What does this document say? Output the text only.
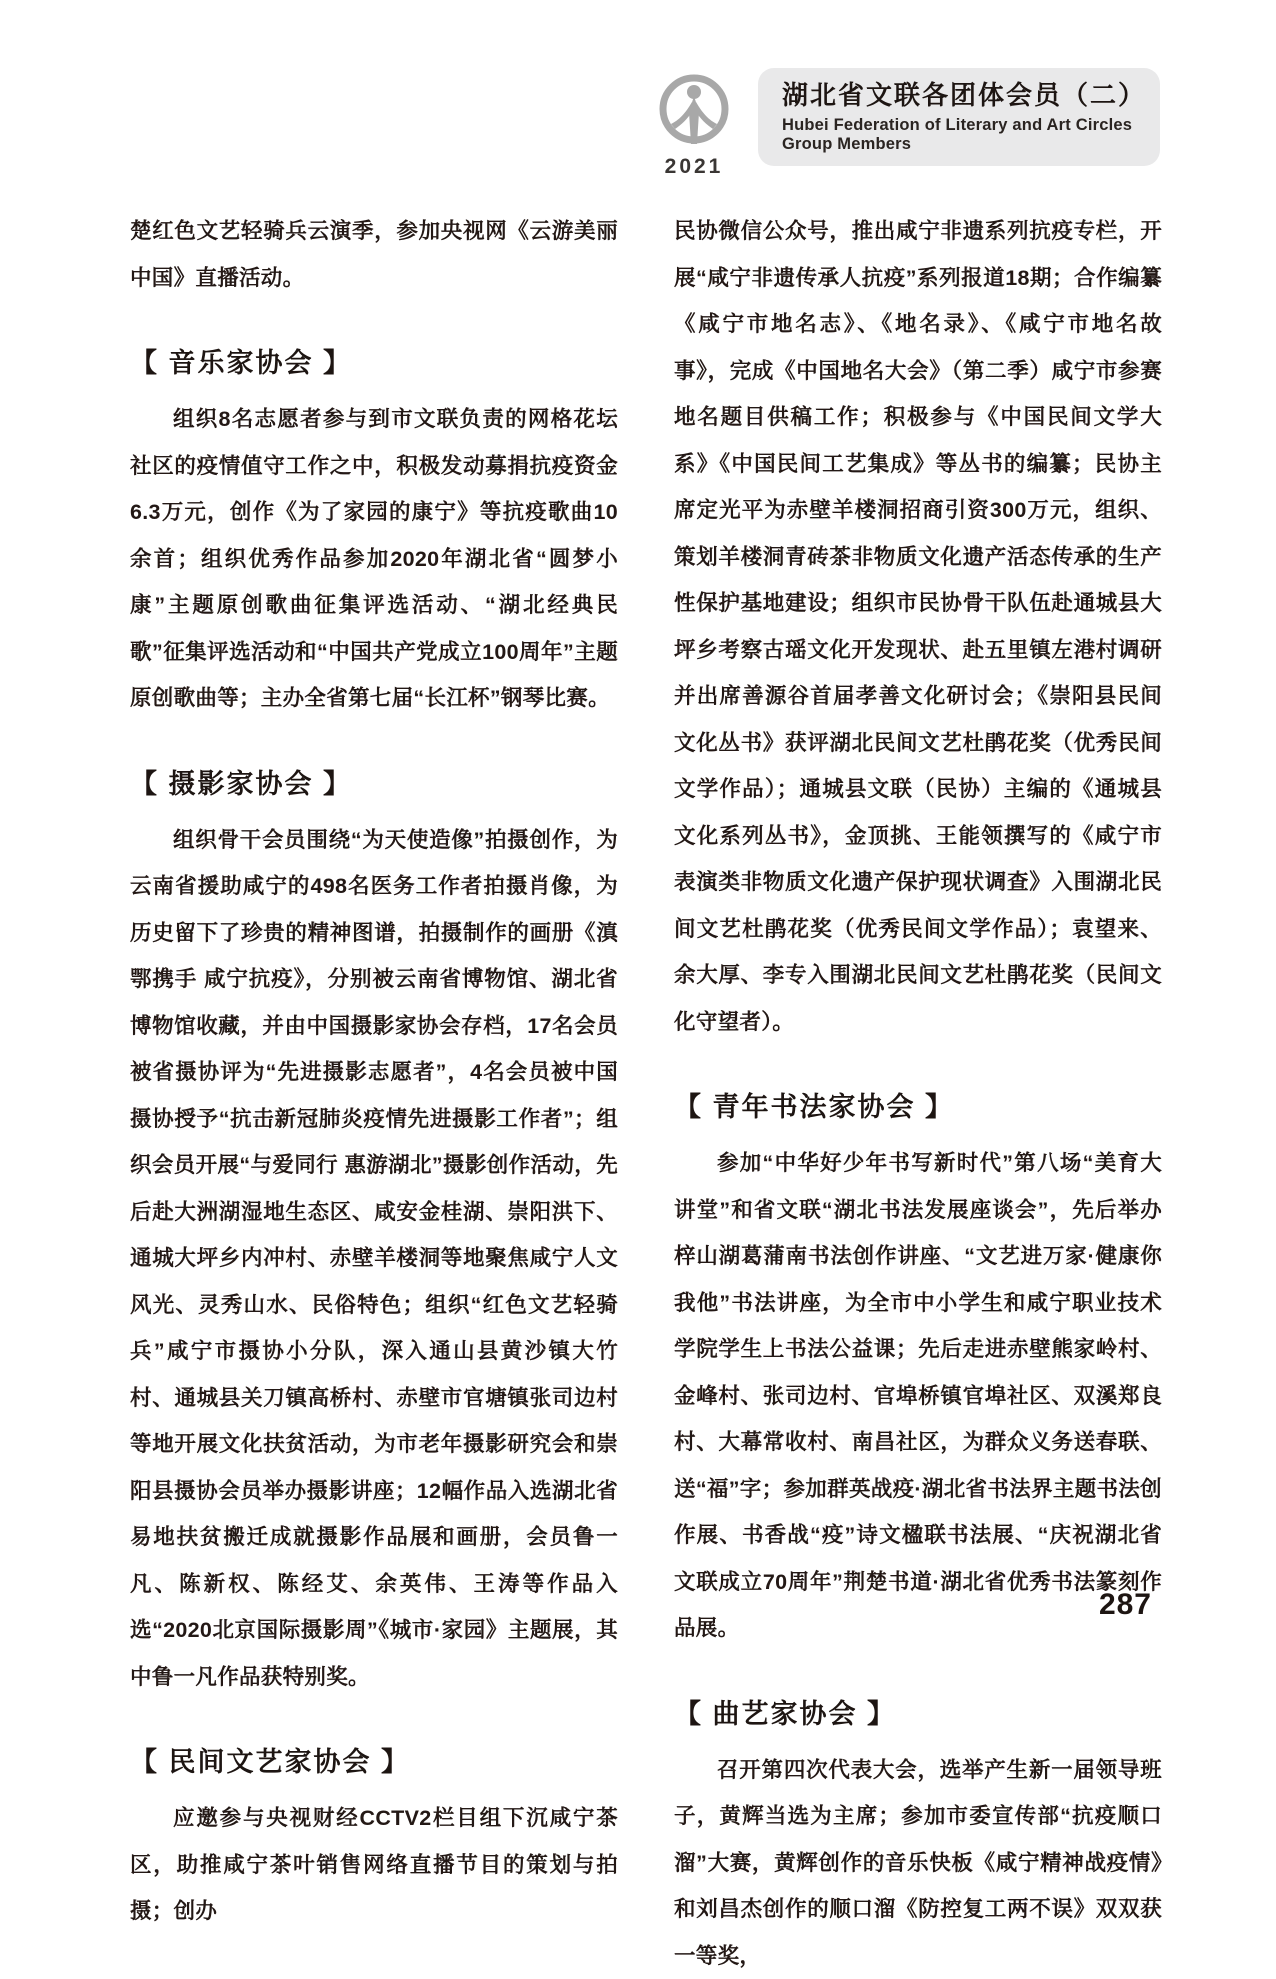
2021
湖北省文联各团体会员（二）
Hubei Federation of Literary and Art Circles Group Members

楚红色文艺轻骑兵云演季，参加央视网《云游美丽中国》直播活动。

【 音乐家协会 】

组织8名志愿者参与到市文联负责的网格花坛社区的疫情值守工作之中，积极发动募捐抗疫资金6.3万元，创作《为了家园的康宁》等抗疫歌曲10余首；组织优秀作品参加2020年湖北省“圆梦小康”主题原创歌曲征集评选活动、“湖北经典民歌”征集评选活动和“中国共产党成立100周年”主题原创歌曲等；主办全省第七届“长江杯”钢琴比赛。

【 摄影家协会 】

组织骨干会员围绕“为天使造像”拍摄创作，为云南省援助咸宁的498名医务工作者拍摄肖像，为历史留下了珍贵的精神图谱，拍摄制作的画册《滇鄂携手 咸宁抗疫》，分别被云南省博物馆、湖北省博物馆收藏，并由中国摄影家协会存档，17名会员被省摄协评为“先进摄影志愿者”，4名会员被中国摄协授予“抗击新冠肺炎疫情先进摄影工作者”；组织会员开展“与爱同行 惠游湖北”摄影创作活动，先后赴大洲湖湿地生态区、咸安金桂湖、崇阳洪下、通城大坪乡内冲村、赤壁羊楼洞等地聚焦咸宁人文风光、灵秀山水、民俗特色；组织“红色文艺轻骑兵”咸宁市摄协小分队，深入通山县黄沙镇大竹村、通城县关刀镇高桥村、赤壁市官塘镇张司边村等地开展文化扶贫活动，为市老年摄影研究会和崇阳县摄协会员举办摄影讲座；12幅作品入选湖北省易地扶贫搬迁成就摄影作品展和画册，会员鲁一凡、陈新权、陈经艾、余英伟、王涛等作品入选“2020北京国际摄影周”《城市·家园》主题展，其中鲁一凡作品获特别奖。

【 民间文艺家协会 】

应邀参与央视财经CCTV2栏目组下沉咸宁茶区，助推咸宁茶叶销售网络直播节目的策划与拍摄；创办

民协微信公众号，推出咸宁非遗系列抗疫专栏，开展“咸宁非遗传承人抗疫”系列报道18期；合作编纂《咸宁市地名志》、《地名录》、《咸宁市地名故事》，完成《中国地名大会》（第二季）咸宁市参赛地名题目供稿工作；积极参与《中国民间文学大系》《中国民间工艺集成》等丛书的编纂；民协主席定光平为赤壁羊楼洞招商引资300万元，组织、策划羊楼洞青砖茶非物质文化遗产活态传承的生产性保护基地建设；组织市民协骨干队伍赴通城县大坪乡考察古瑶文化开发现状、赴五里镇左港村调研并出席善源谷首届孝善文化研讨会；《崇阳县民间文化丛书》获评湖北民间文艺杜鹃花奖（优秀民间文学作品）；通城县文联（民协）主编的《通城县文化系列丛书》，金顶挑、王能领撰写的《咸宁市表演类非物质文化遗产保护现状调查》入围湖北民间文艺杜鹃花奖（优秀民间文学作品）；袁望来、余大厚、李专入围湖北民间文艺杜鹃花奖（民间文化守望者）。

【 青年书法家协会 】

参加“中华好少年书写新时代”第八场“美育大讲堂”和省文联“湖北书法发展座谈会”，先后举办梓山湖葛蒲南书法创作讲座、“文艺进万家·健康你我他”书法讲座，为全市中小学生和咸宁职业技术学院学生上书法公益课；先后走进赤壁熊家岭村、金峰村、张司边村、官埠桥镇官埠社区、双溪郑良村、大幕常收村、南昌社区，为群众义务送春联、送“福”字；参加群英战疫·湖北省书法界主题书法创作展、书香战“疫”诗文楹联书法展、“庆祝湖北省文联成立70周年”荆楚书道·湖北省优秀书法篆刻作品展。

【 曲艺家协会 】

召开第四次代表大会，选举产生新一届领导班子，黄辉当选为主席；参加市委宣传部“抗疫顺口溜”大赛，黄辉创作的音乐快板《咸宁精神战疫情》和刘昌杰创作的顺口溜《防控复工两不误》双双获一等奖，

287
